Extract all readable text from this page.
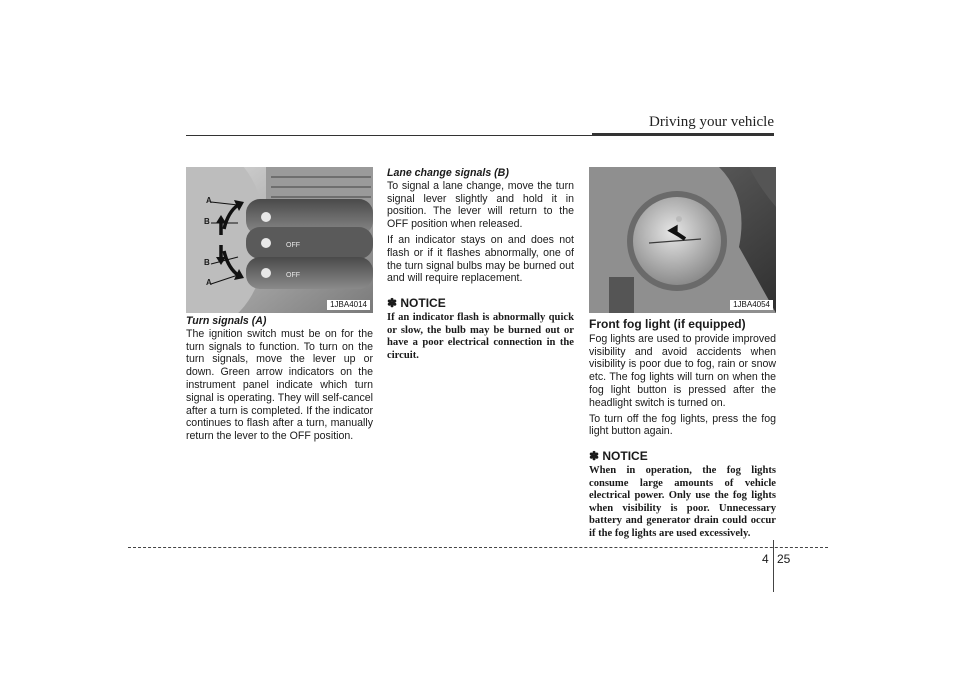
Driving your vehicle
OFF
OFF
A
B
B
A
1JBA4014

Turn signals (A)

The ignition switch must be on for the turn signals to function. To turn on the turn signals, move the lever up or down. Green arrow indicators on the instrument panel indicate which turn signal is operating. They will self-cancel after a turn is completed. If the indicator continues to flash after a turn, manually return the lever to the OFF position.

Lane change signals (B)

To signal a lane change, move the turn signal lever slightly and hold it in position. The lever will return to the OFF position when released.

If an indicator stays on and does not flash or if it flashes abnormally, one of the turn signal bulbs may be burned out and will require replacement.

✽ NOTICE

If an indicator flash is abnormally quick or slow, the bulb may be burned out or have a poor electrical connection in the circuit.

1JBA4054
Front fog light (if equipped)

Fog lights are used to provide improved visibility and avoid accidents when visibility is poor due to fog, rain or snow etc. The fog lights will turn on when the fog light button is pressed after the headlight switch is turned on.

To turn off the fog lights, press the fog light button again.

✽ NOTICE

When in operation, the fog lights consume large amounts of vehicle electrical power. Only use the fog lights when visibility is poor. Unnecessary battery and generator drain could occur if the fog lights are used excessively.

4 25
